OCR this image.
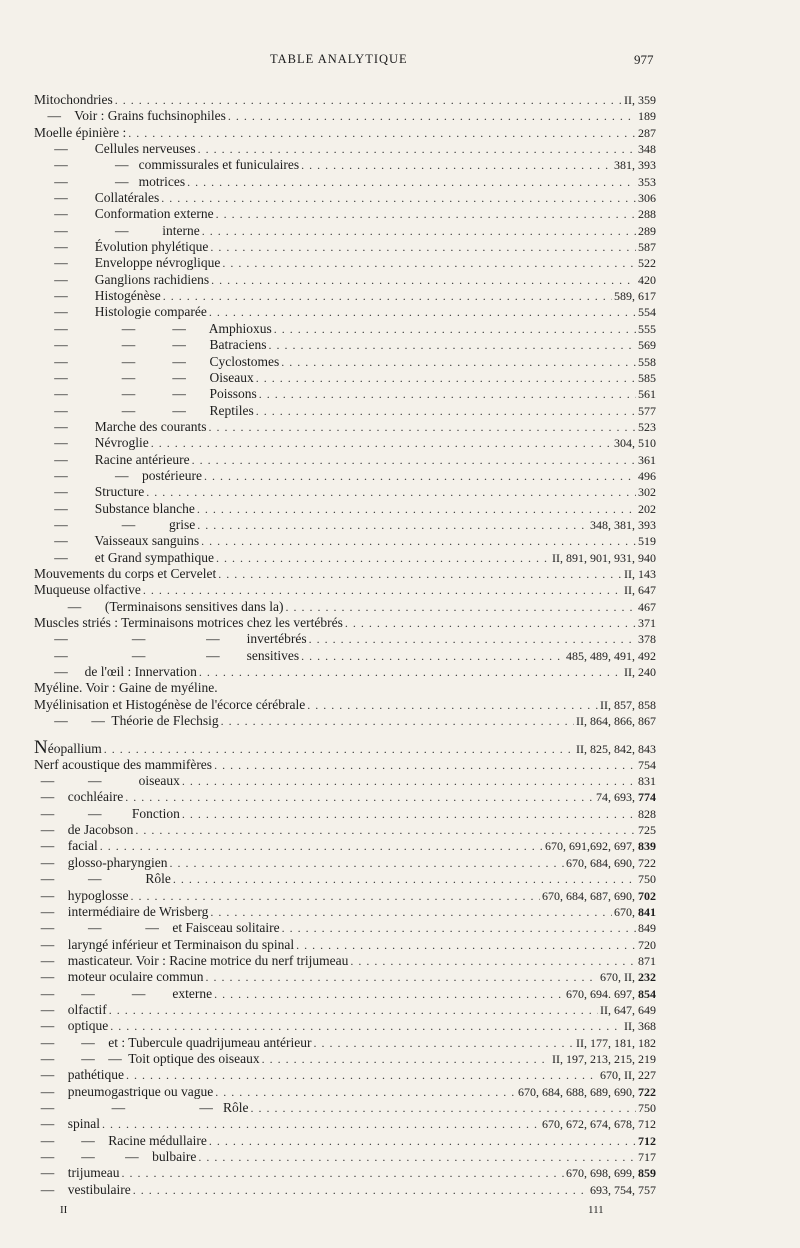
TABLE ANALYTIQUE	977
Mitochondries . . .	II, 359
—    Voir : Grains fuchsinophiles . . .	189
Moelle épinière : . . .	287
—        Cellules nerveuses . . .	348
—              —   commissurales et funiculaires . . .	381, 393
—              —   motrices . . .	353
—        Collatérales . . .	306
—        Conformation externe . . .	288
—              —          interne . . .	289
—        Évolution phylétique . . .	587
—        Enveloppe névroglique . . .	522
—        Ganglions rachidiens . . .	420
—        Histogénèse . . .	589, 617
—        Histologie comparée . . .	554
—                —           —       Amphioxus . . .	555
—                —           —       Batraciens . . .	569
—                —           —       Cyclostomes . . .	558
—                —           —       Oiseaux . . .	585
—                —           —       Poissons . . .	561
—                —           —       Reptiles . . .	577
—        Marche des courants . . .	523
—        Névroglie . . .	304, 510
—        Racine antérieure . . .	361
—              —    postérieure . . .	496
—        Structure . . .	302
—        Substance blanche . . .	202
—                —          grise . . .	348, 381, 393
—        Vaisseaux sanguins . . .	519
—        et Grand sympathique . . .	II, 891, 901, 931, 940
Mouvements du corps et Cervelet . . .	II, 143
Muqueuse olfactive . . .	II, 647
—       (Terminaisons sensitives dans la) . . .	467
Muscles striés : Terminaisons motrices chez les vertébrés . . .	371
—                   —                  —        invertébrés . . .	378
—                   —                  —        sensitives . . .	485, 489, 491, 492
—     de l'œil : Innervation . . .	II, 240
Myéline. Voir : Gaine de myéline.
Myélinisation et Histogénèse de l'écorce cérébrale . . .	II, 857, 858
—       —  Théorie de Flechsig . . .	II, 864, 866, 867
Néopallium . . .	II, 825, 842, 843
Nerf acoustique des mammifères . . .	754
—          —           oiseaux . . .	831
—    cochléaire . . .	74, 693, 774
—          —         Fonction . . .	828
—    de Jacobson . . .	725
—    facial . . .	670, 691,692, 697, 839
—    glosso-pharyngien . . .	670, 684, 690, 722
—          —             Rôle . . .	750
—    hypoglosse . . .	670, 684, 687, 690, 702
—    intermédiaire de Wrisberg . . .	670, 841
—          —             —    et Faisceau solitaire . . .	849
—    laryngé inférieur et Terminaison du spinal . . .	720
—    masticateur. Voir : Racine motrice du nerf trijumeau . . .	871
—    moteur oculaire commun . . .	670, II, 232
—        —           —        externe . . .	670, 694. 697, 854
—    olfactif . . .	II, 647, 649
—    optique . . .	II, 368
—        —    et : Tubercule quadrijumeau antérieur . . .	II, 177, 181, 182
—        —    —  Toit optique des oiseaux . . .	II, 197, 213, 215, 219
—    pathétique . . .	670, II, 227
—    pneumogastrique ou vague . . .	670, 684, 688, 689, 690, 722
—                 —                      —   Rôle . . .	750
—    spinal . . .	670, 672, 674, 678, 712
—        —    Racine médullaire . . .	712
—        —         —    bulbaire . . .	717
—    trijumeau . . .	670, 698, 699, 859
—    vestibulaire . . .	693, 754, 757
II	111
